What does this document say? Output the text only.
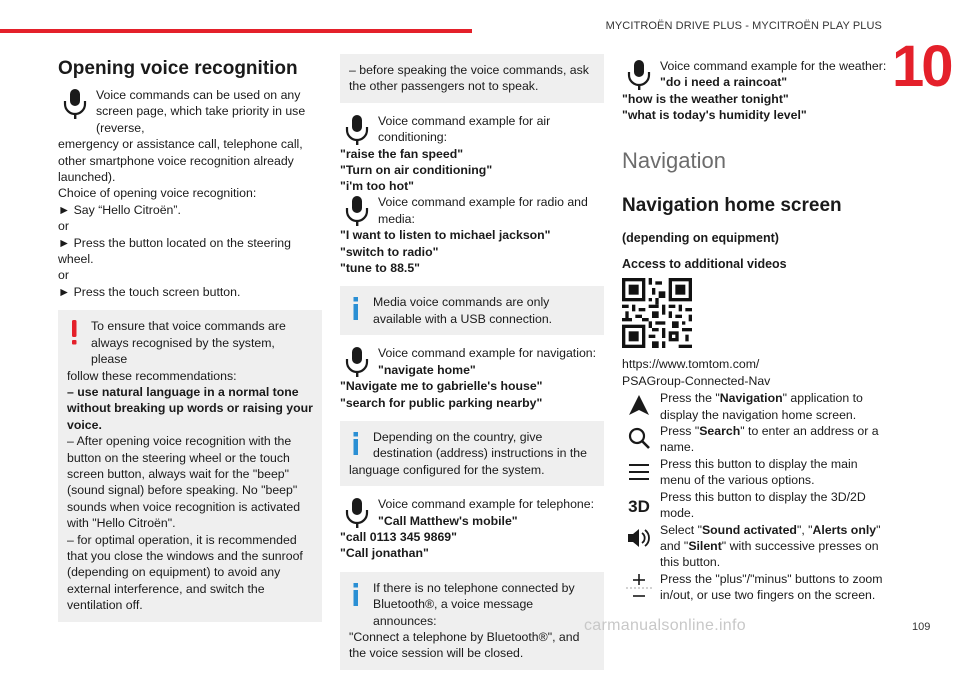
MYCITROËN DRIVE PLUS - MYCITROËN PLAY PLUS
10
Opening voice recognition
Voice commands can be used on any screen page, which take priority in use (reverse,
emergency or assistance call, telephone call, other smartphone voice recognition already launched).
Choice of opening voice recognition:
► Say “Hello Citroën”.
or
► Press the button located on the steering wheel.
or
► Press the touch screen button.
To ensure that voice commands are always recognised by the system, please
follow these recommendations:
– use natural language in a normal tone without breaking up words or raising your voice.
– After opening voice recognition with the button on the steering wheel or the touch screen button, always wait for the "beep" (sound signal) before speaking. No "beep" sounds when voice recognition is activated with "Hello Citroën".
– for optimal operation, it is recommended that you close the windows and the sunroof (depending on equipment) to avoid any external interference, and switch the ventilation off.
– before speaking the voice commands, ask the other passengers not to speak.
Voice command example for air conditioning:
"raise the fan speed"
"Turn on air conditioning"
"i'm too hot"
Voice command example for radio and media:
"I want to listen to michael jackson"
"switch to radio"
"tune to 88.5"
Media voice commands are only available with a USB connection.
Voice command example for navigation:
"navigate home"
"Navigate me to gabrielle's house"
"search for public parking nearby"
Depending on the country, give destination (address) instructions in the
language configured for the system.
Voice command example for telephone:
"Call Matthew's mobile"
"call 0113 345 9869"
"Call jonathan"
If there is no telephone connected by Bluetooth®, a voice message announces:
"Connect a telephone by Bluetooth®", and the voice session will be closed.
Voice command example for the weather:
"do i need a raincoat"
"how is the weather tonight"
"what is today's humidity level"
Navigation
Navigation home screen

(depending on equipment)

Access to additional videos

https://www.tomtom.com/
PSAGroup-Connected-Nav
Press the "Navigation" application to display the navigation home screen.
Press "Search" to enter an address or a name.
Press this button to display the main menu of the various options.
3D Press this button to display the 3D/2D mode.
Select "Sound activated", "Alerts only" and "Silent" with successive presses on this button.
Press the "plus"/"minus" buttons to zoom in/out, or use two fingers on the screen.
carmanualsonline.info	109
